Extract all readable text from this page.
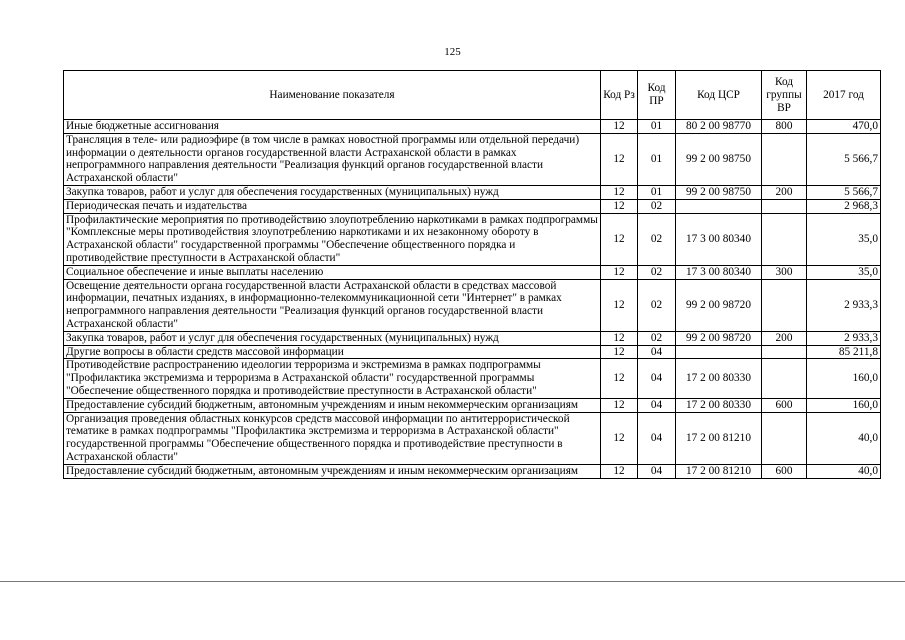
125
Наименование показателя	Код Рз	Код ПР	Код ЦСР	Код группы ВР	2017 год
Иные бюджетные ассигнования	12	01	80 2 00 98770	800	470,0
Трансляция в теле- или радиоэфире (в том числе в рамках новостной программы или отдельной передачи) информации о деятельности органов государственной власти Астраханской области в рамках непрограммного направления деятельности "Реализация функций органов государственной власти Астраханской области"	12	01	99 2 00 98750		5 566,7
Закупка товаров, работ и услуг для обеспечения государственных (муниципальных) нужд	12	01	99 2 00 98750	200	5 566,7
Периодическая печать и издательства	12	02			2 968,3
Профилактические мероприятия по противодействию злоупотреблению наркотиками в рамках подпрограммы "Комплексные меры противодействия злоупотреблению наркотиками и их незаконному обороту в Астраханской области" государственной программы "Обеспечение общественного порядка и противодействие преступности в Астраханской области"	12	02	17 3 00 80340		35,0
Социальное обеспечение и иные выплаты населению	12	02	17 3 00 80340	300	35,0
Освещение деятельности органа государственной власти Астраханской области в средствах массовой информации, печатных изданиях, в информационно-телекоммуникационной сети "Интернет" в рамках непрограммного направления деятельности "Реализация функций органов государственной власти Астраханской области"	12	02	99 2 00 98720		2 933,3
Закупка товаров, работ и услуг для обеспечения государственных (муниципальных) нужд	12	02	99 2 00 98720	200	2 933,3
Другие вопросы в области средств массовой информации	12	04			85 211,8
Противодействие распространению идеологии терроризма и экстремизма в рамках подпрограммы "Профилактика экстремизма и терроризма в Астраханской области" государственной программы "Обеспечение общественного порядка и противодействие преступности в Астраханской области"	12	04	17 2 00 80330		160,0
Предоставление субсидий бюджетным, автономным учреждениям и иным некоммерческим организациям	12	04	17 2 00 80330	600	160,0
Организация проведения областных конкурсов средств массовой информации по антитеррористической тематике в рамках подпрограммы "Профилактика экстремизма и терроризма в Астраханской области" государственной программы "Обеспечение общественного порядка и противодействие преступности в Астраханской области"	12	04	17 2 00 81210		40,0
Предоставление субсидий бюджетным, автономным учреждениям и иным некоммерческим организациям	12	04	17 2 00 81210	600	40,0
